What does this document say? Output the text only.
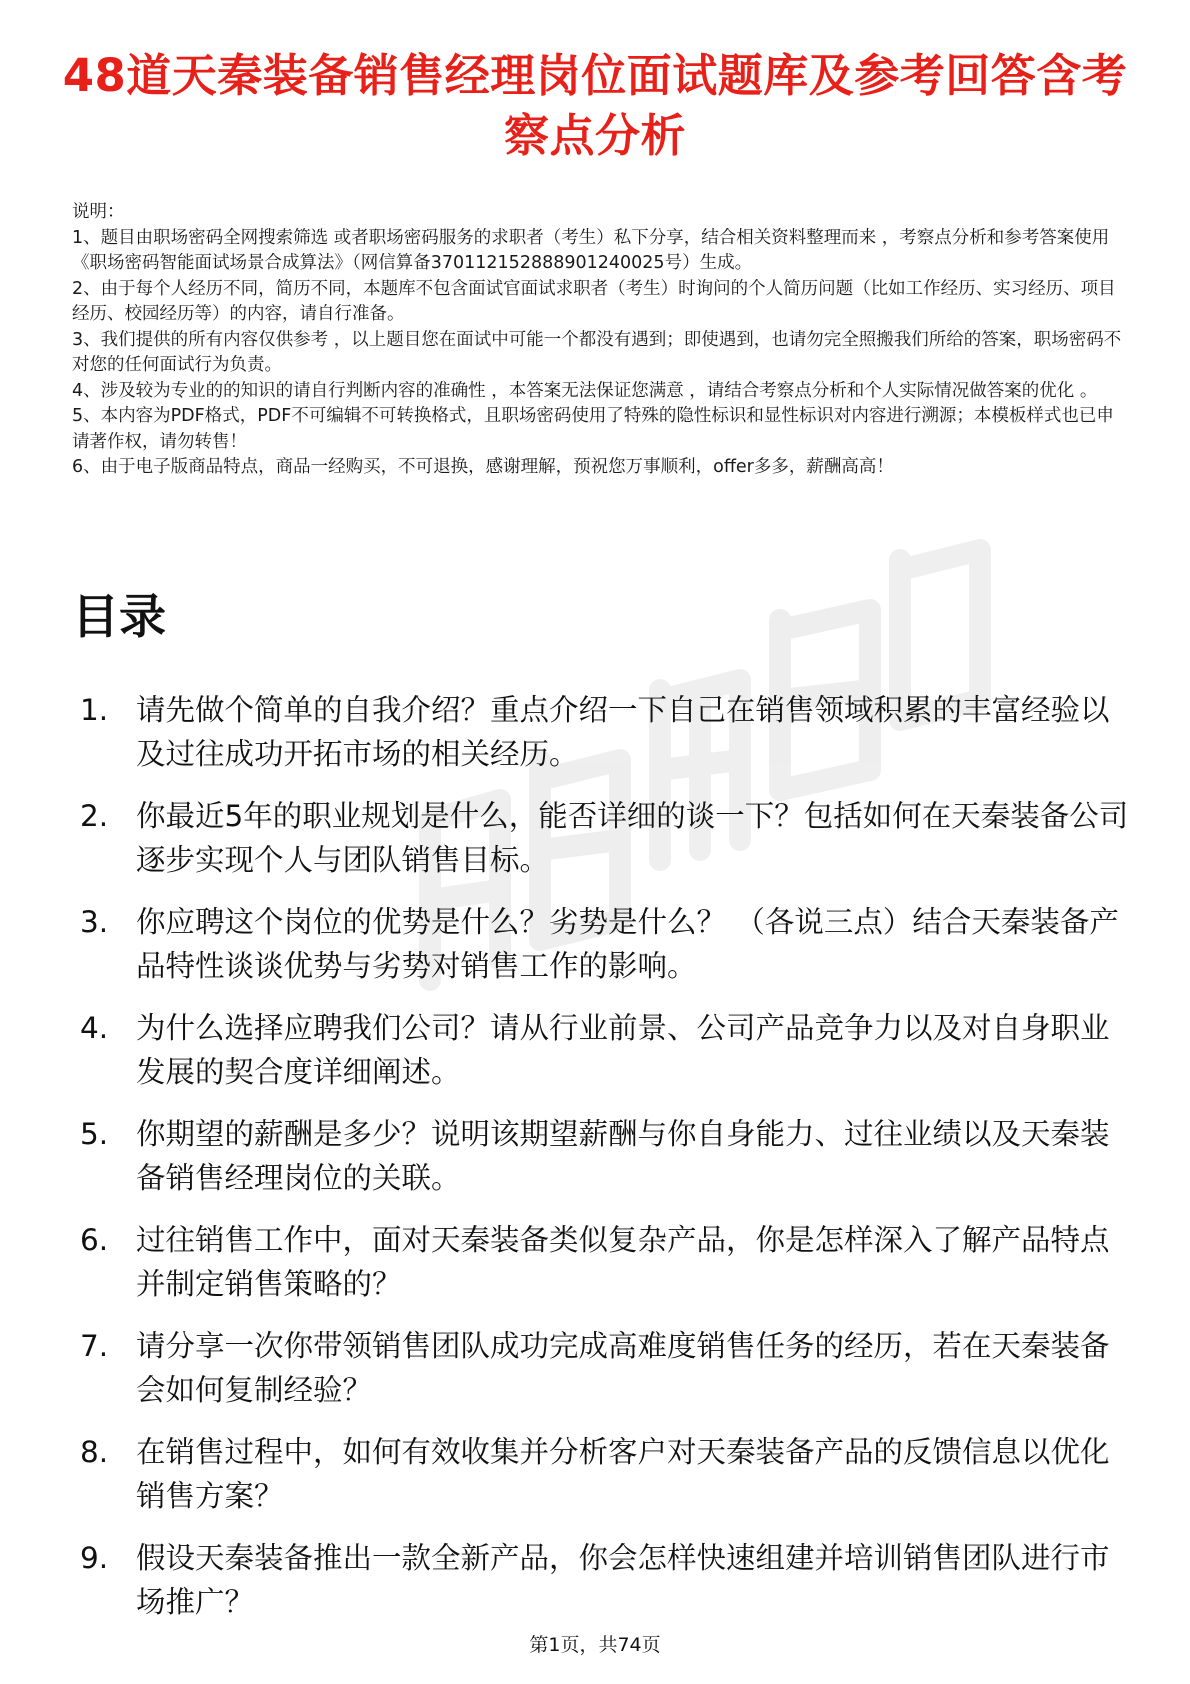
48道天秦装备销售经理岗位面试题库及参考回答含考察点分析

说明：

1、题目由职场密码全网搜索筛选 或者职场密码服务的求职者（考生）私下分享，结合相关资料整理而来 ，考察点分析和参考答案使用《职场密码智能面试场景合成算法》（网信算备370112152888901240025号）生成。

2、由于每个人经历不同，简历不同，本题库不包含面试官面试求职者（考生）时询问的个人简历问题（比如工作经历、实习经历、项目经历、校园经历等）的内容，请自行准备。

3、我们提供的所有内容仅供参考 ，以上题目您在面试中可能一个都没有遇到；即使遇到，也请勿完全照搬我们所给的答案，职场密码不对您的任何面试行为负责。

4、涉及较为专业的的知识的请自行判断内容的准确性 ，本答案无法保证您满意 ，请结合考察点分析和个人实际情况做答案的优化 。

5、本内容为PDF格式，PDF不可编辑不可转换格式，且职场密码使用了特殊的隐性标识和显性标识对内容进行溯源；本模板样式也已申请著作权，请勿转售！

6、由于电子版商品特点，商品一经购买，不可退换，感谢理解，预祝您万事顺利，offer多多，薪酬高高！

目录
1. 请先做个简单的自我介绍？重点介绍一下自己在销售领域积累的丰富经验以及过往成功开拓市场的相关经历。
2. 你最近5年的职业规划是什么，能否详细的谈一下？包括如何在天秦装备公司逐步实现个人与团队销售目标。
3. 你应聘这个岗位的优势是什么？劣势是什么？ （各说三点）结合天秦装备产品特性谈谈优势与劣势对销售工作的影响。
4. 为什么选择应聘我们公司？请从行业前景、公司产品竞争力以及对自身职业发展的契合度详细阐述。
5. 你期望的薪酬是多少？说明该期望薪酬与你自身能力、过往业绩以及天秦装备销售经理岗位的关联。
6. 过往销售工作中，面对天秦装备类似复杂产品，你是怎样深入了解产品特点并制定销售策略的？
7. 请分享一次你带领销售团队成功完成高难度销售任务的经历，若在天秦装备会如何复制经验？
8. 在销售过程中，如何有效收集并分析客户对天秦装备产品的反馈信息以优化销售方案？
9. 假设天秦装备推出一款全新产品，你会怎样快速组建并培训销售团队进行市场推广？
第1页，共74页
